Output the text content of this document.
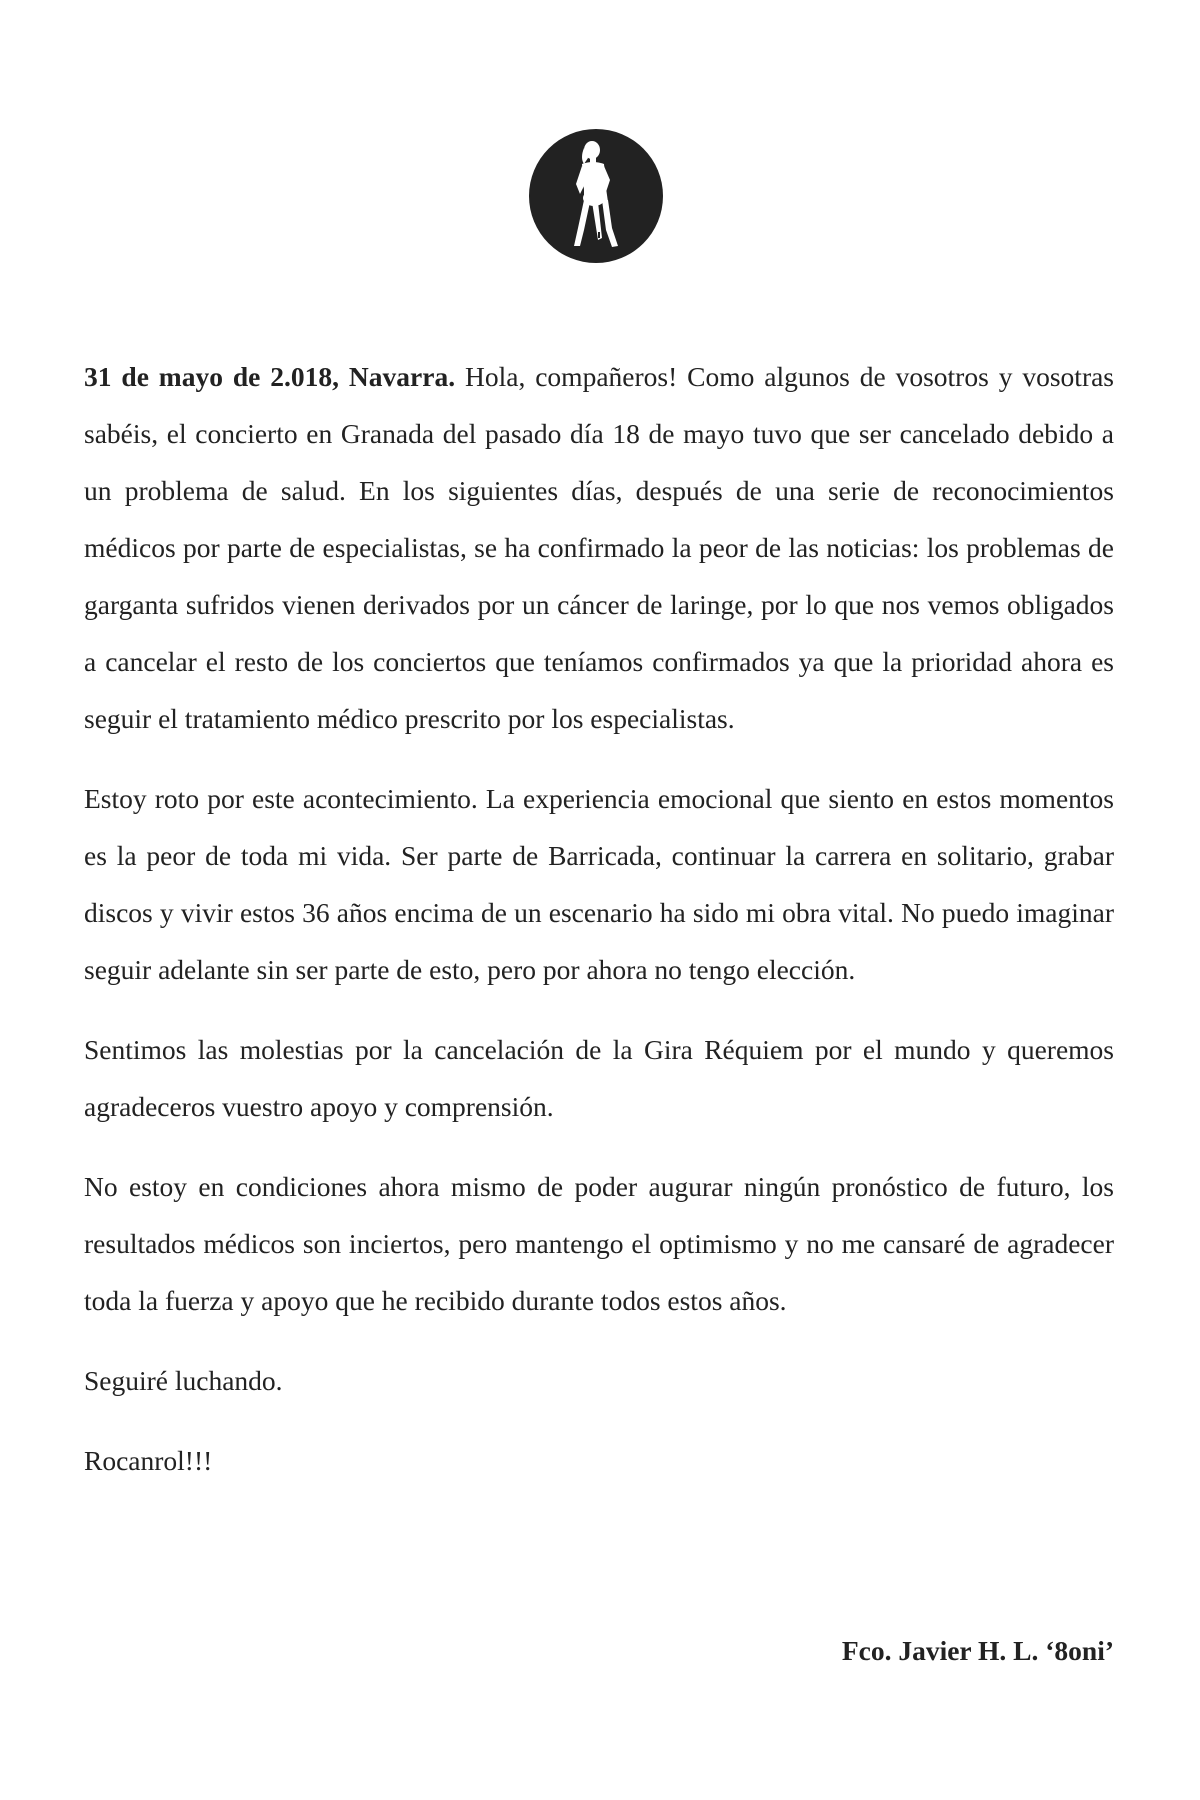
31 de mayo de 2.018, Navarra. Hola, compañeros! Como algunos de vosotros y vosotras sabéis, el concierto en Granada del pasado día 18 de mayo tuvo que ser cancelado debido a un problema de salud. En los siguientes días, después de una serie de reconocimientos médicos por parte de especialistas, se ha confirmado la peor de las noticias: los problemas de garganta sufridos vienen derivados por un cáncer de laringe, por lo que nos vemos obligados a cancelar el resto de los conciertos que teníamos confirmados ya que la prioridad ahora es seguir el tratamiento médico prescrito por los especialistas.

Estoy roto por este acontecimiento. La experiencia emocional que siento en estos momentos es la peor de toda mi vida. Ser parte de Barricada, continuar la carrera en solitario, grabar discos y vivir estos 36 años encima de un escenario ha sido mi obra vital. No puedo imaginar seguir adelante sin ser parte de esto, pero por ahora no tengo elección.

Sentimos las molestias por la cancelación de la Gira Réquiem por el mundo y queremos agradeceros vuestro apoyo y comprensión.

No estoy en condiciones ahora mismo de poder augurar ningún pronóstico de futuro, los resultados médicos son inciertos, pero mantengo el optimismo y no me cansaré de agradecer toda la fuerza y apoyo que he recibido durante todos estos años.

Seguiré luchando.

Rocanrol!!!

Fco. Javier H. L. ‘8oni’
